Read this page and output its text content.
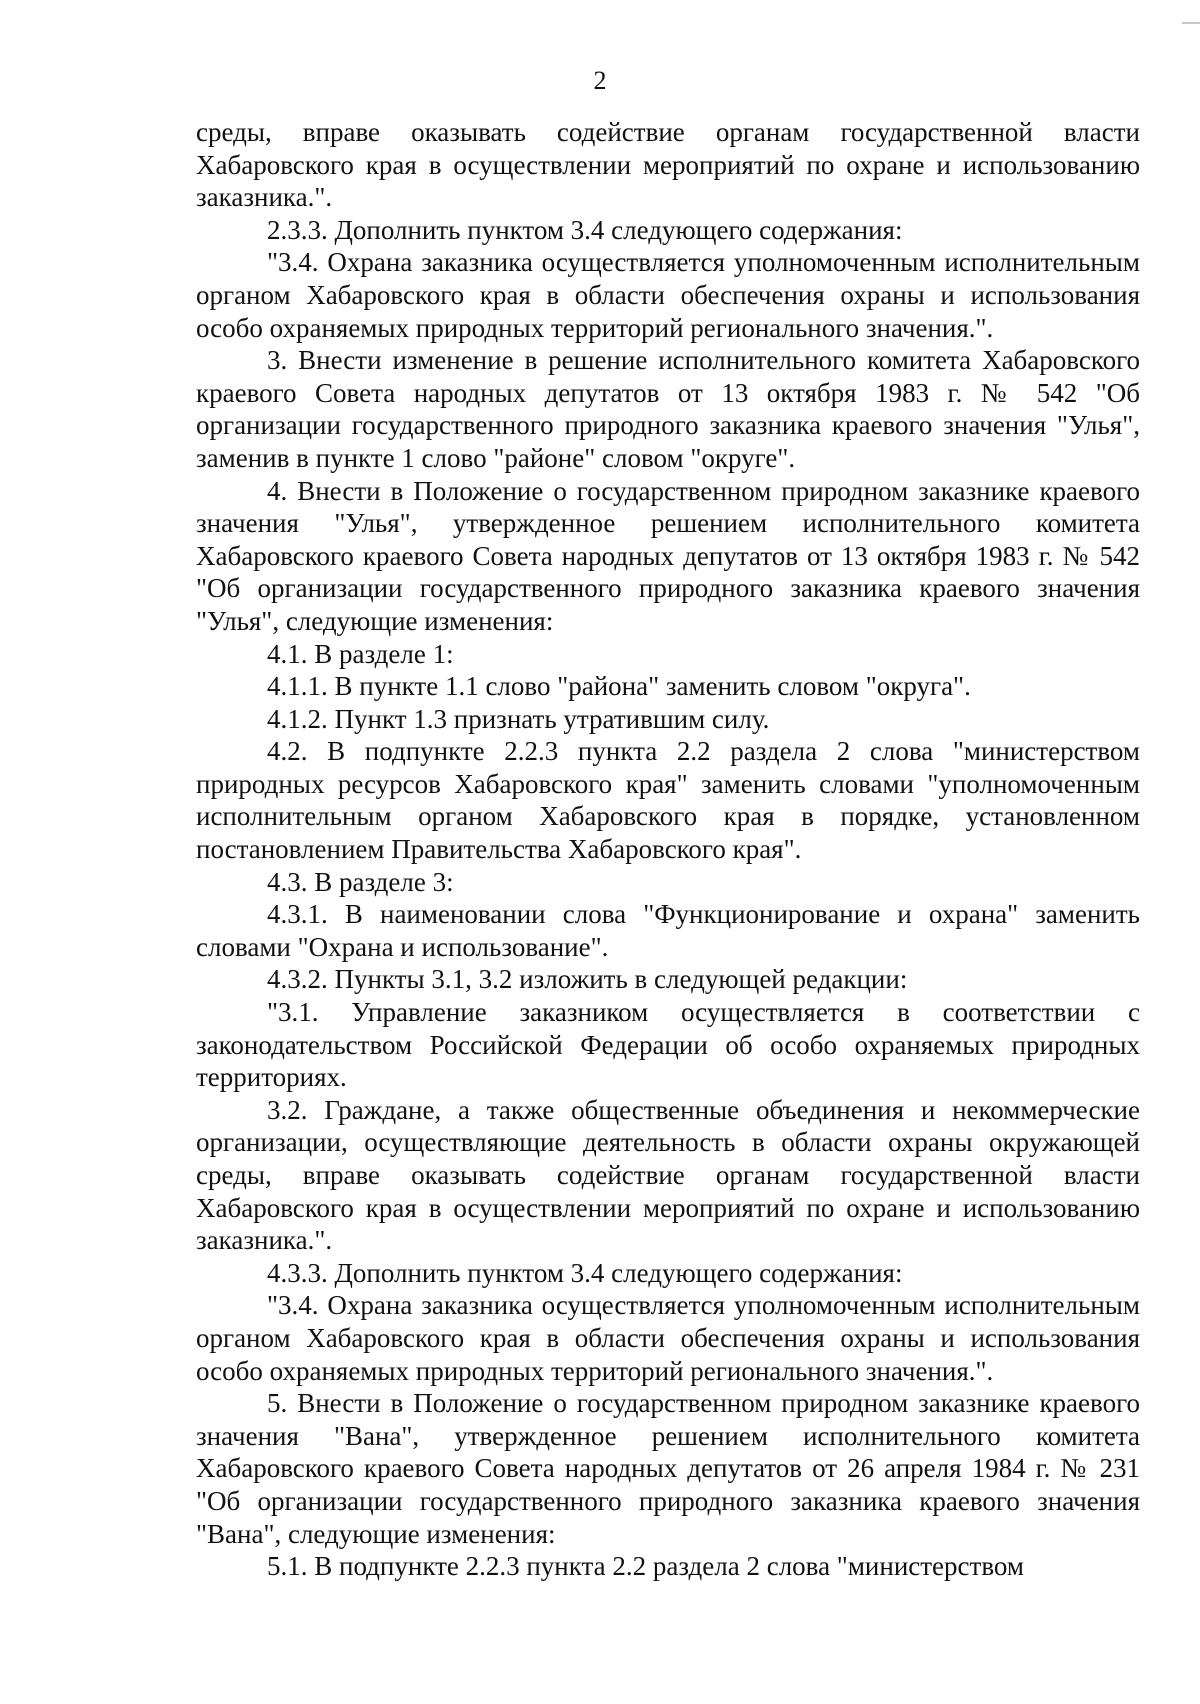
2

среды, вправе оказывать содействие органам государственной власти Хабаровского края в осуществлении мероприятий по охране и использованию заказника.".

2.3.3. Дополнить пунктом 3.4 следующего содержания:

"3.4. Охрана заказника осуществляется уполномоченным исполнительным органом Хабаровского края в области обеспечения охраны и использования особо охраняемых природных территорий регионального значения.".

3. Внести изменение в решение исполнительного комитета Хабаровского краевого Совета народных депутатов от 13 октября 1983 г. № 542 "Об организации государственного природного заказника краевого значения "Улья", заменив в пункте 1 слово "районе" словом "округе".

4. Внести в Положение о государственном природном заказнике краевого значения "Улья", утвержденное решением исполнительного комитета Хабаровского краевого Совета народных депутатов от 13 октября 1983 г. № 542 "Об организации государственного природного заказника краевого значения "Улья", следующие изменения:

4.1. В разделе 1:

4.1.1. В пункте 1.1 слово "района" заменить словом "округа".

4.1.2. Пункт 1.3 признать утратившим силу.

4.2. В подпункте 2.2.3 пункта 2.2 раздела 2 слова "министерством природных ресурсов Хабаровского края" заменить словами "уполномоченным исполнительным органом Хабаровского края в порядке, установленном постановлением Правительства Хабаровского края".

4.3. В разделе 3:

4.3.1. В наименовании слова "Функционирование и охрана" заменить словами "Охрана и использование".

4.3.2. Пункты 3.1, 3.2 изложить в следующей редакции:

"3.1. Управление заказником осуществляется в соответствии с законодательством Российской Федерации об особо охраняемых природных территориях.

3.2. Граждане, а также общественные объединения и некоммерческие организации, осуществляющие деятельность в области охраны окружающей среды, вправе оказывать содействие органам государственной власти Хабаровского края в осуществлении мероприятий по охране и использованию заказника.".

4.3.3. Дополнить пунктом 3.4 следующего содержания:

"3.4. Охрана заказника осуществляется уполномоченным исполнительным органом Хабаровского края в области обеспечения охраны и использования особо охраняемых природных территорий регионального значения.".

5. Внести в Положение о государственном природном заказнике краевого значения "Вана", утвержденное решением исполнительного комитета Хабаровского краевого Совета народных депутатов от 26 апреля 1984 г. № 231 "Об организации государственного природного заказника краевого значения "Вана", следующие изменения:

5.1. В подпункте 2.2.3 пункта 2.2 раздела 2 слова "министерством
